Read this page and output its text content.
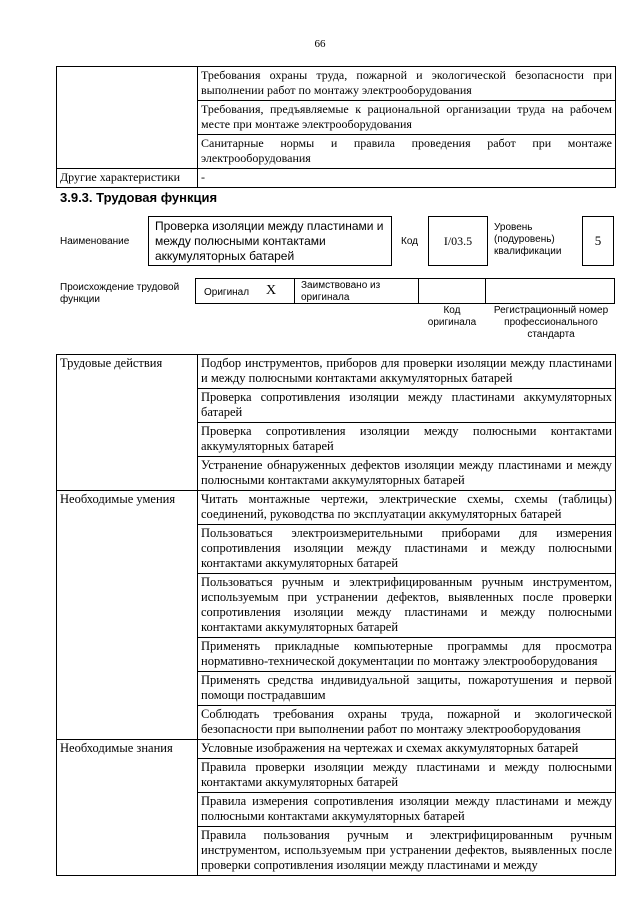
66
	Требования охраны труда, пожарной и экологической безопасности при выполнении работ по монтажу электрооборудования
	Требования, предъявляемые к рациональной организации труда на рабочем месте при монтаже электрооборудования
	Санитарные нормы и правила проведения работ при монтаже электрооборудования
Другие характеристики	-
3.9.3. Трудовая функция
Наименование
Проверка изоляции между пластинами и между полюсными контактами аккумуляторных батарей
Код	I/03.5
Уровень (подуровень) квалификации
5
Происхождение трудовой функции
Оригинал X Заимствовано из оригинала
Код оригинала
Регистрационный номер профессионального стандарта
Трудовые действия	Подбор инструментов, приборов для проверки изоляции между пластинами и между полюсными контактами аккумуляторных батарей
	Проверка сопротивления изоляции между пластинами аккумуляторных батарей
	Проверка сопротивления изоляции между полюсными контактами аккумуляторных батарей
	Устранение обнаруженных дефектов изоляции между пластинами и между полюсными контактами аккумуляторных батарей
Необходимые умения	Читать монтажные чертежи, электрические схемы, схемы (таблицы) соединений, руководства по эксплуатации аккумуляторных батарей
	Пользоваться электроизмерительными приборами для измерения сопротивления изоляции между пластинами и между полюсными контактами аккумуляторных батарей
	Пользоваться ручным и электрифицированным ручным инструментом, используемым при устранении дефектов, выявленных после проверки сопротивления изоляции между пластинами и между полюсными контактами аккумуляторных батарей
	Применять прикладные компьютерные программы для просмотра нормативно-технической документации по монтажу электрооборудования
	Применять средства индивидуальной защиты, пожаротушения и первой помощи пострадавшим
	Соблюдать требования охраны труда, пожарной и экологической безопасности при выполнении работ по монтажу электрооборудования
Необходимые знания	Условные изображения на чертежах и схемах аккумуляторных батарей
	Правила проверки изоляции между пластинами и между полюсными контактами аккумуляторных батарей
	Правила измерения сопротивления изоляции между пластинами и между полюсными контактами аккумуляторных батарей
	Правила пользования ручным и электрифицированным ручным инструментом, используемым при устранении дефектов, выявленных после проверки сопротивления изоляции между пластинами и между
